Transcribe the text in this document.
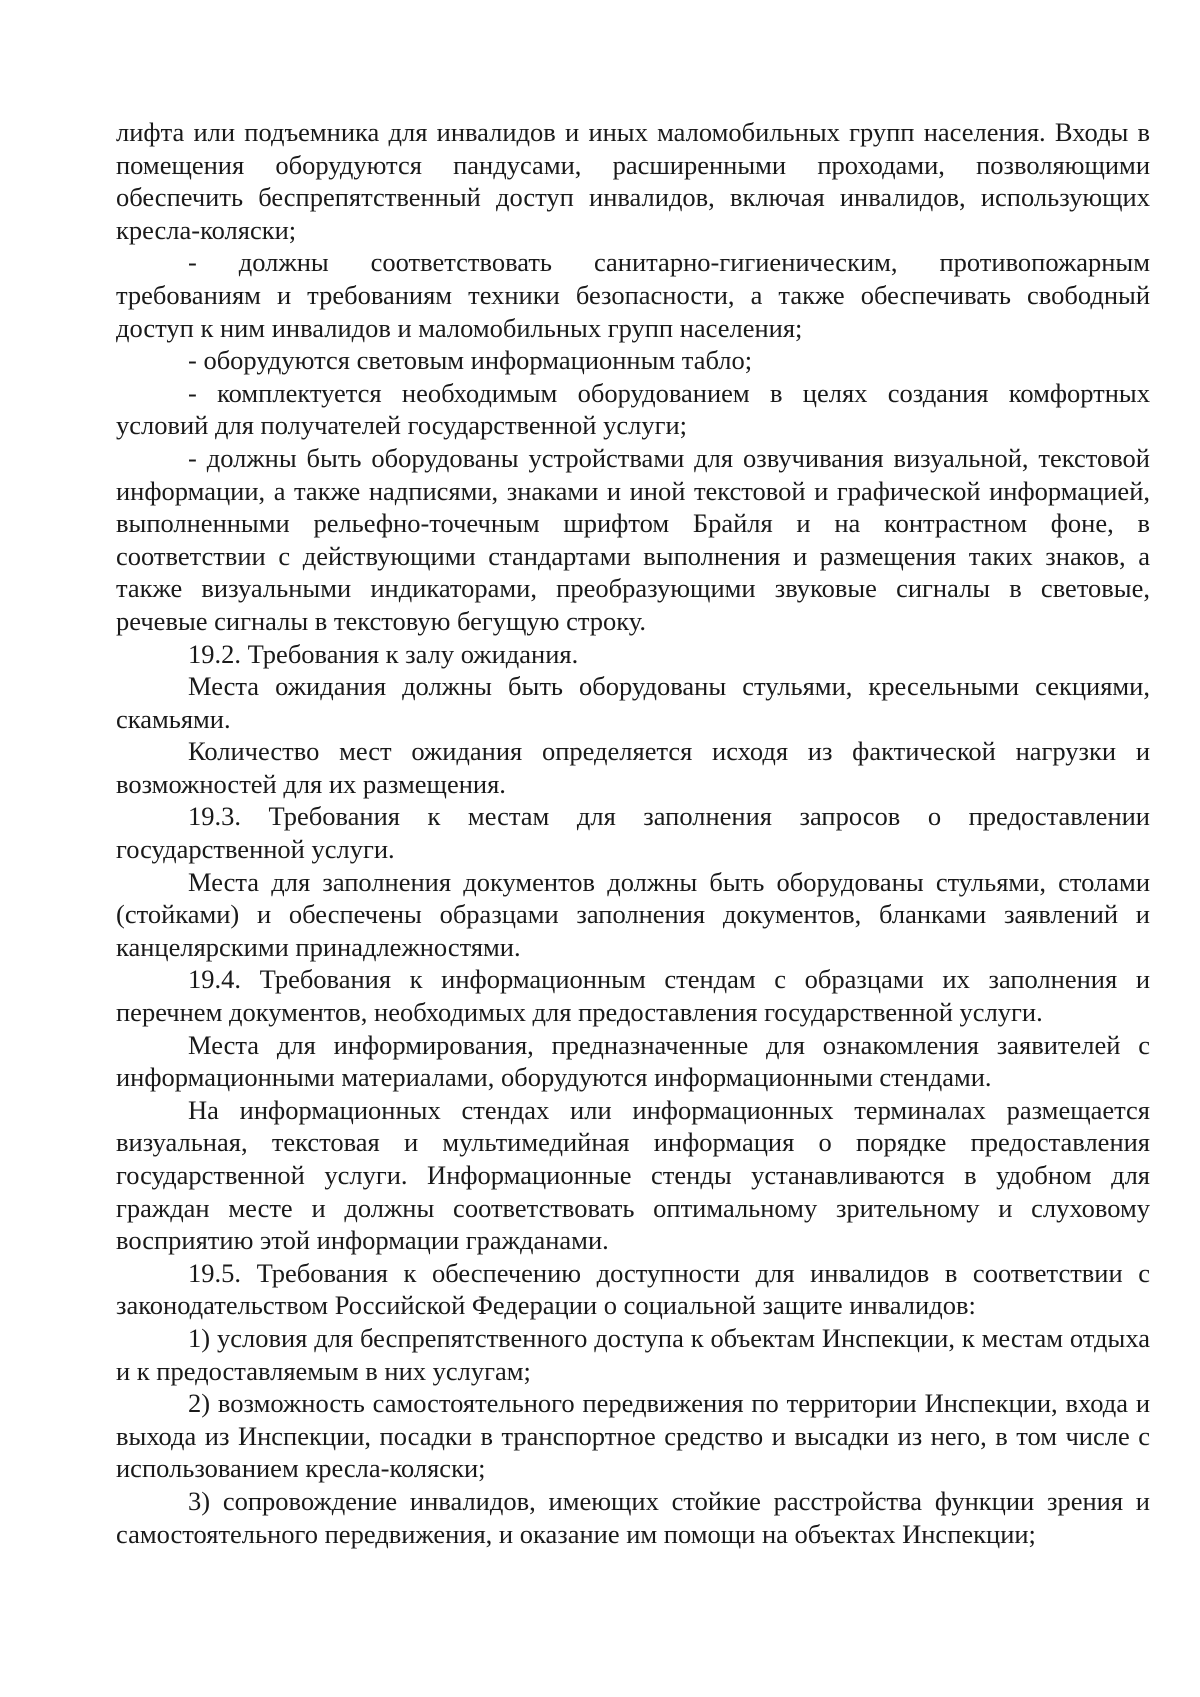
лифта или подъемника для инвалидов и иных маломобильных групп населения. Входы в помещения оборудуются пандусами, расширенными проходами, позволяющими обеспечить беспрепятственный доступ инвалидов, включая инвалидов, использующих кресла-коляски;

- должны соответствовать санитарно-гигиеническим, противопожарным требованиям и требованиям техники безопасности, а также обеспечивать свободный доступ к ним инвалидов и маломобильных групп населения;

- оборудуются световым информационным табло;

- комплектуется необходимым оборудованием в целях создания комфортных условий для получателей государственной услуги;

- должны быть оборудованы устройствами для озвучивания визуальной, текстовой информации, а также надписями, знаками и иной текстовой и графической информацией, выполненными рельефно-точечным шрифтом Брайля и на контрастном фоне, в соответствии с действующими стандартами выполнения и размещения таких знаков, а также визуальными индикаторами, преобразующими звуковые сигналы в световые, речевые сигналы в текстовую бегущую строку.

19.2. Требования к залу ожидания.

Места ожидания должны быть оборудованы стульями, кресельными секциями, скамьями.

Количество мест ожидания определяется исходя из фактической нагрузки и возможностей для их размещения.

19.3. Требования к местам для заполнения запросов о предоставлении государственной услуги.

Места для заполнения документов должны быть оборудованы стульями, столами (стойками) и обеспечены образцами заполнения документов, бланками заявлений и канцелярскими принадлежностями.

19.4. Требования к информационным стендам с образцами их заполнения и перечнем документов, необходимых для предоставления государственной услуги.

Места для информирования, предназначенные для ознакомления заявителей с информационными материалами, оборудуются информационными стендами.

На информационных стендах или информационных терминалах размещается визуальная, текстовая и мультимедийная информация о порядке предоставления государственной услуги. Информационные стенды устанавливаются в удобном для граждан месте и должны соответствовать оптимальному зрительному и слуховому восприятию этой информации гражданами.

19.5. Требования к обеспечению доступности для инвалидов в соответствии с законодательством Российской Федерации о социальной защите инвалидов:

1) условия для беспрепятственного доступа к объектам Инспекции, к местам отдыха и к предоставляемым в них услугам;

2) возможность самостоятельного передвижения по территории Инспекции, входа и выхода из Инспекции, посадки в транспортное средство и высадки из него, в том числе с использованием кресла-коляски;

3) сопровождение инвалидов, имеющих стойкие расстройства функции зрения и самостоятельного передвижения, и оказание им помощи на объектах Инспекции;
